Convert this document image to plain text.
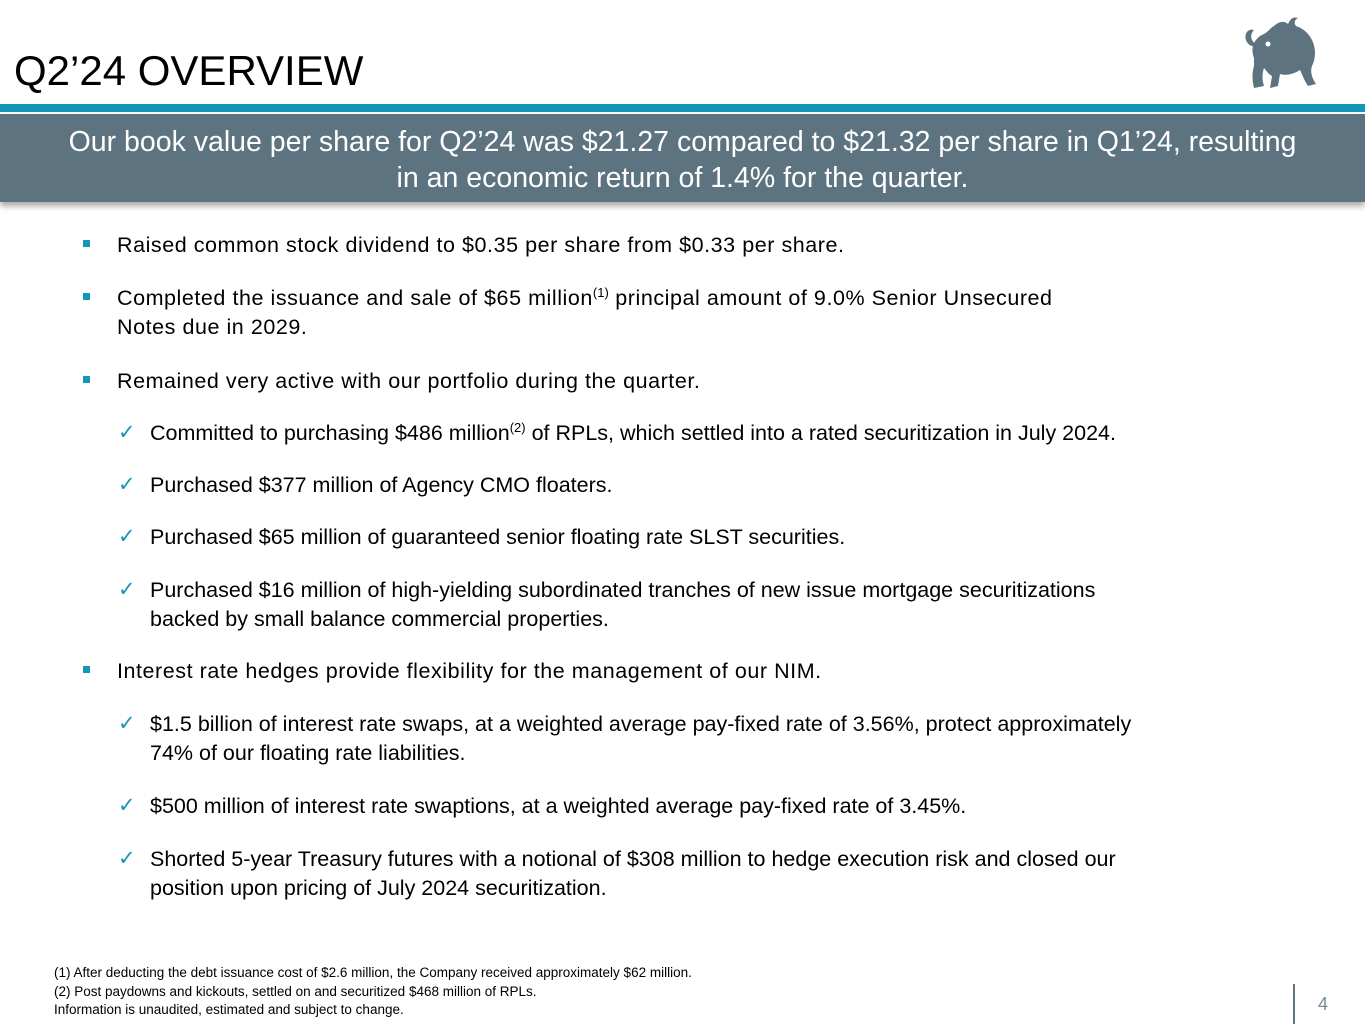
Q2’24 OVERVIEW
Our book value per share for Q2’24 was $21.27 compared to $21.32 per share in Q1’24, resulting
in an economic return of 1.4% for the quarter.
Raised common stock dividend to $0.35 per share from $0.33 per share.
Completed the issuance and sale of $65 million$^{(1)}$ principal amount of 9.0% Senior Unsecured
Notes due in 2029.
Remained very active with our portfolio during the quarter.
✓ Committed to purchasing $486 million$^{(2)}$ of RPLs, which settled into a rated securitization in July 2024.
✓ Purchased $377 million of Agency CMO floaters.
✓ Purchased $65 million of guaranteed senior floating rate SLST securities.
✓ Purchased $16 million of high-yielding subordinated tranches of new issue mortgage securitizations
backed by small balance commercial properties.
Interest rate hedges provide flexibility for the management of our NIM.
✓ $1.5 billion of interest rate swaps, at a weighted average pay-fixed rate of 3.56%, protect approximately
74% of our floating rate liabilities.
✓ $500 million of interest rate swaptions, at a weighted average pay-fixed rate of 3.45%.
✓ Shorted 5-year Treasury futures with a notional of $308 million to hedge execution risk and closed our
position upon pricing of July 2024 securitization.
(1) After deducting the debt issuance cost of $2.6 million, the Company received approximately $62 million.
(2) Post paydowns and kickouts, settled on and securitized $468 million of RPLs.
Information is unaudited, estimated and subject to change.	4
